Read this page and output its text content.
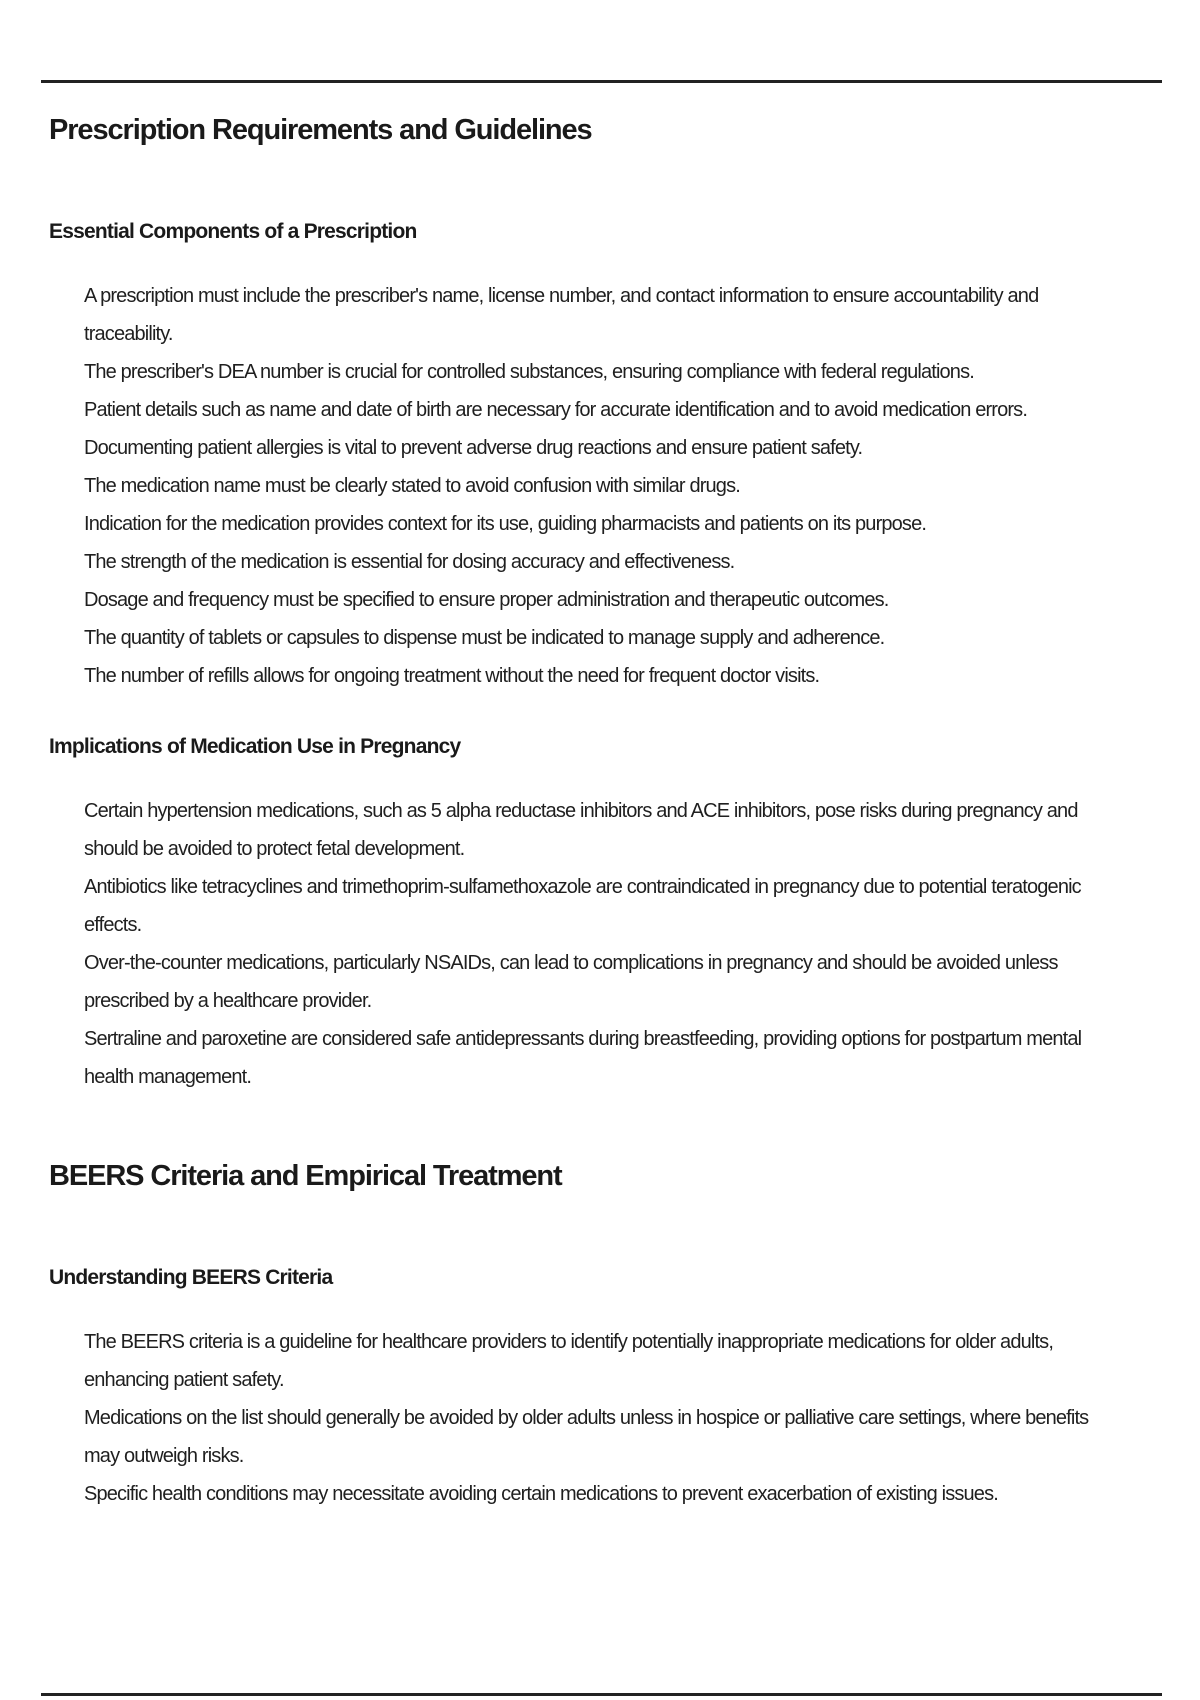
Prescription Requirements and Guidelines
Essential Components of a Prescription
A prescription must include the prescriber's name, license number, and contact information to ensure accountability and traceability.
The prescriber's DEA number is crucial for controlled substances, ensuring compliance with federal regulations.
Patient details such as name and date of birth are necessary for accurate identification and to avoid medication errors.
Documenting patient allergies is vital to prevent adverse drug reactions and ensure patient safety.
The medication name must be clearly stated to avoid confusion with similar drugs.
Indication for the medication provides context for its use, guiding pharmacists and patients on its purpose.
The strength of the medication is essential for dosing accuracy and effectiveness.
Dosage and frequency must be specified to ensure proper administration and therapeutic outcomes.
The quantity of tablets or capsules to dispense must be indicated to manage supply and adherence.
The number of refills allows for ongoing treatment without the need for frequent doctor visits.
Implications of Medication Use in Pregnancy
Certain hypertension medications, such as 5 alpha reductase inhibitors and ACE inhibitors, pose risks during pregnancy and should be avoided to protect fetal development.
Antibiotics like tetracyclines and trimethoprim-sulfamethoxazole are contraindicated in pregnancy due to potential teratogenic effects.
Over-the-counter medications, particularly NSAIDs, can lead to complications in pregnancy and should be avoided unless prescribed by a healthcare provider.
Sertraline and paroxetine are considered safe antidepressants during breastfeeding, providing options for postpartum mental health management.
BEERS Criteria and Empirical Treatment
Understanding BEERS Criteria
The BEERS criteria is a guideline for healthcare providers to identify potentially inappropriate medications for older adults, enhancing patient safety.
Medications on the list should generally be avoided by older adults unless in hospice or palliative care settings, where benefits may outweigh risks.
Specific health conditions may necessitate avoiding certain medications to prevent exacerbation of existing issues.
